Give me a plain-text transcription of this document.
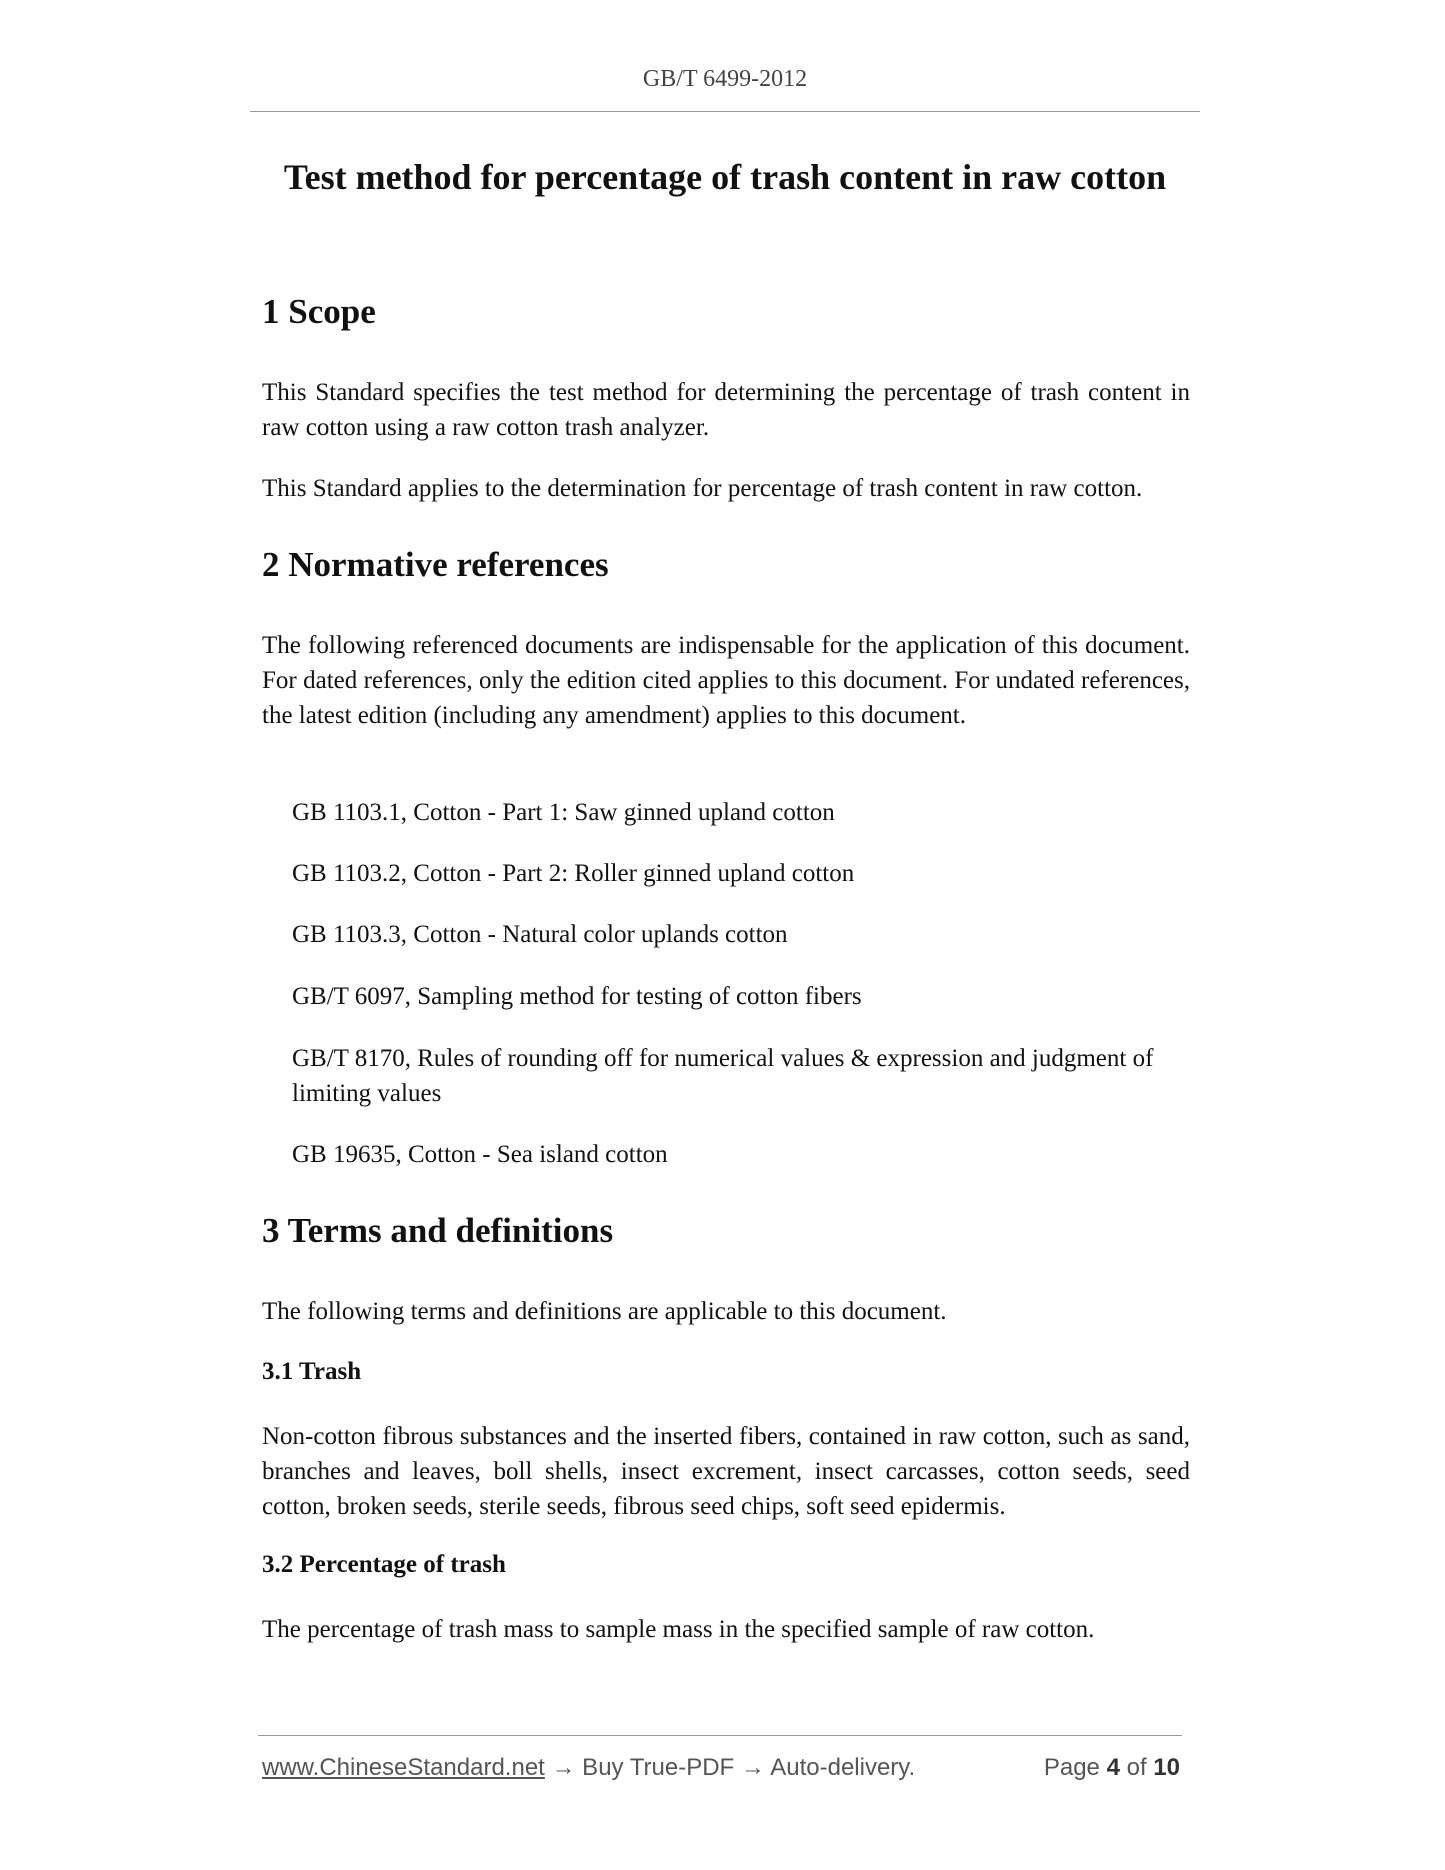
GB/T 6499-2012
Test method for percentage of trash content in raw cotton
1 Scope

This Standard specifies the test method for determining the percentage of trash content in raw cotton using a raw cotton trash analyzer.

This Standard applies to the determination for percentage of trash content in raw cotton.

2 Normative references

The following referenced documents are indispensable for the application of this document. For dated references, only the edition cited applies to this document. For undated references, the latest edition (including any amendment) applies to this document.

GB 1103.1, Cotton - Part 1: Saw ginned upland cotton

GB 1103.2, Cotton - Part 2: Roller ginned upland cotton

GB 1103.3, Cotton - Natural color uplands cotton

GB/T 6097, Sampling method for testing of cotton fibers

GB/T 8170, Rules of rounding off for numerical values & expression and judgment of limiting values

GB 19635, Cotton - Sea island cotton

3 Terms and definitions

The following terms and definitions are applicable to this document.

3.1 Trash

Non-cotton fibrous substances and the inserted fibers, contained in raw cotton, such as sand, branches and leaves, boll shells, insect excrement, insect carcasses, cotton seeds, seed cotton, broken seeds, sterile seeds, fibrous seed chips, soft seed epidermis.

3.2 Percentage of trash

The percentage of trash mass to sample mass in the specified sample of raw cotton.

www.ChineseStandard.net → Buy True-PDF → Auto-delivery.	Page 4 of 10
